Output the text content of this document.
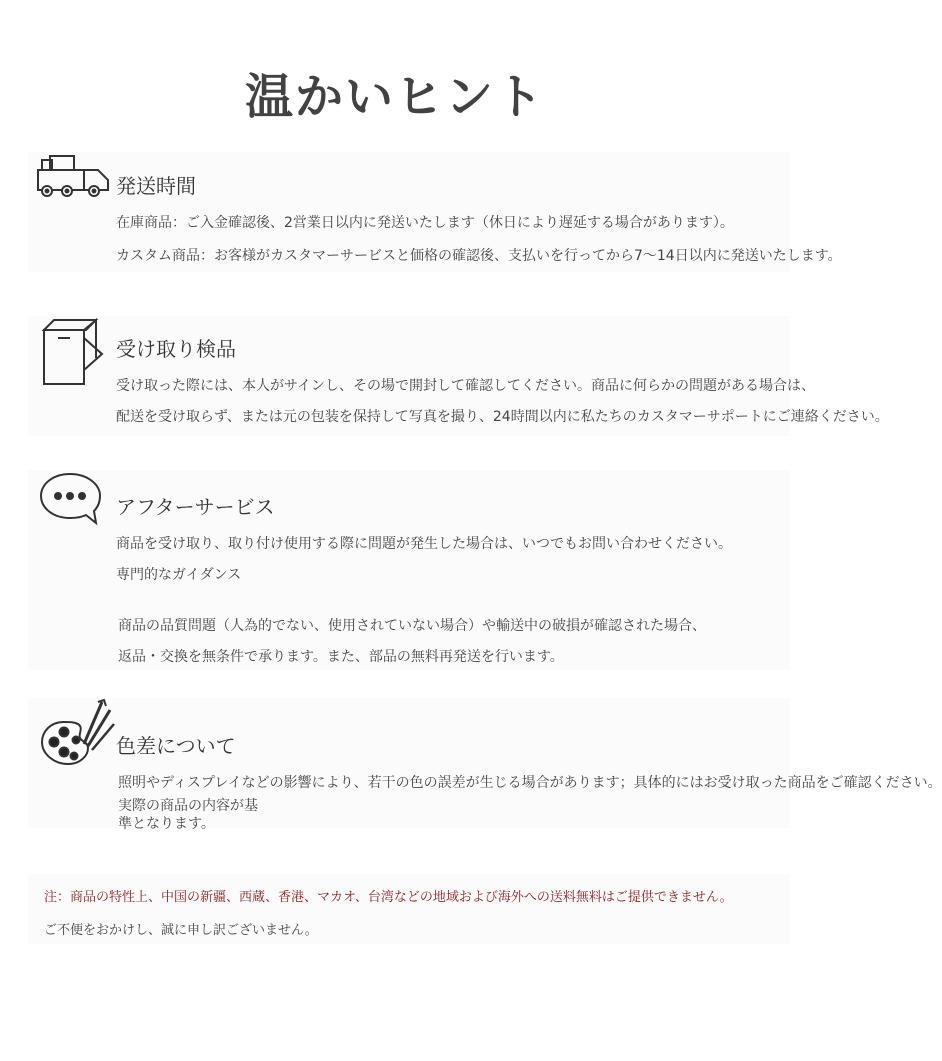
温かいヒント
発送時間
在庫商品：ご入金確認後、2営業日以内に発送いたします（休日により遅延する場合があります）。
カスタム商品：お客様がカスタマーサービスと価格の確認後、支払いを行ってから7〜14日以内に発送いたします。
受け取り検品
受け取った際には、本人がサインし、その場で開封して確認してください。商品に何らかの問題がある場合は、
配送を受け取らず、または元の包装を保持して写真を撮り、24時間以内に私たちのカスタマーサポートにご連絡ください。
アフターサービス
商品を受け取り、取り付け使用する際に問題が発生した場合は、いつでもお問い合わせください。
専門的なガイダンス
商品の品質問題（人為的でない、使用されていない場合）や輸送中の破損が確認された場合、
返品・交換を無条件で承ります。また、部品の無料再発送を行います。
色差について
照明やディスプレイなどの影響により、若干の色の誤差が生じる場合があります；具体的にはお受け取った商品をご確認ください。
実際の商品の内容が基
準となります。
注：商品の特性上、中国の新疆、西蔵、香港、マカオ、台湾などの地域および海外への送料無料はご提供できません。
ご不便をおかけし、誠に申し訳ございません。
